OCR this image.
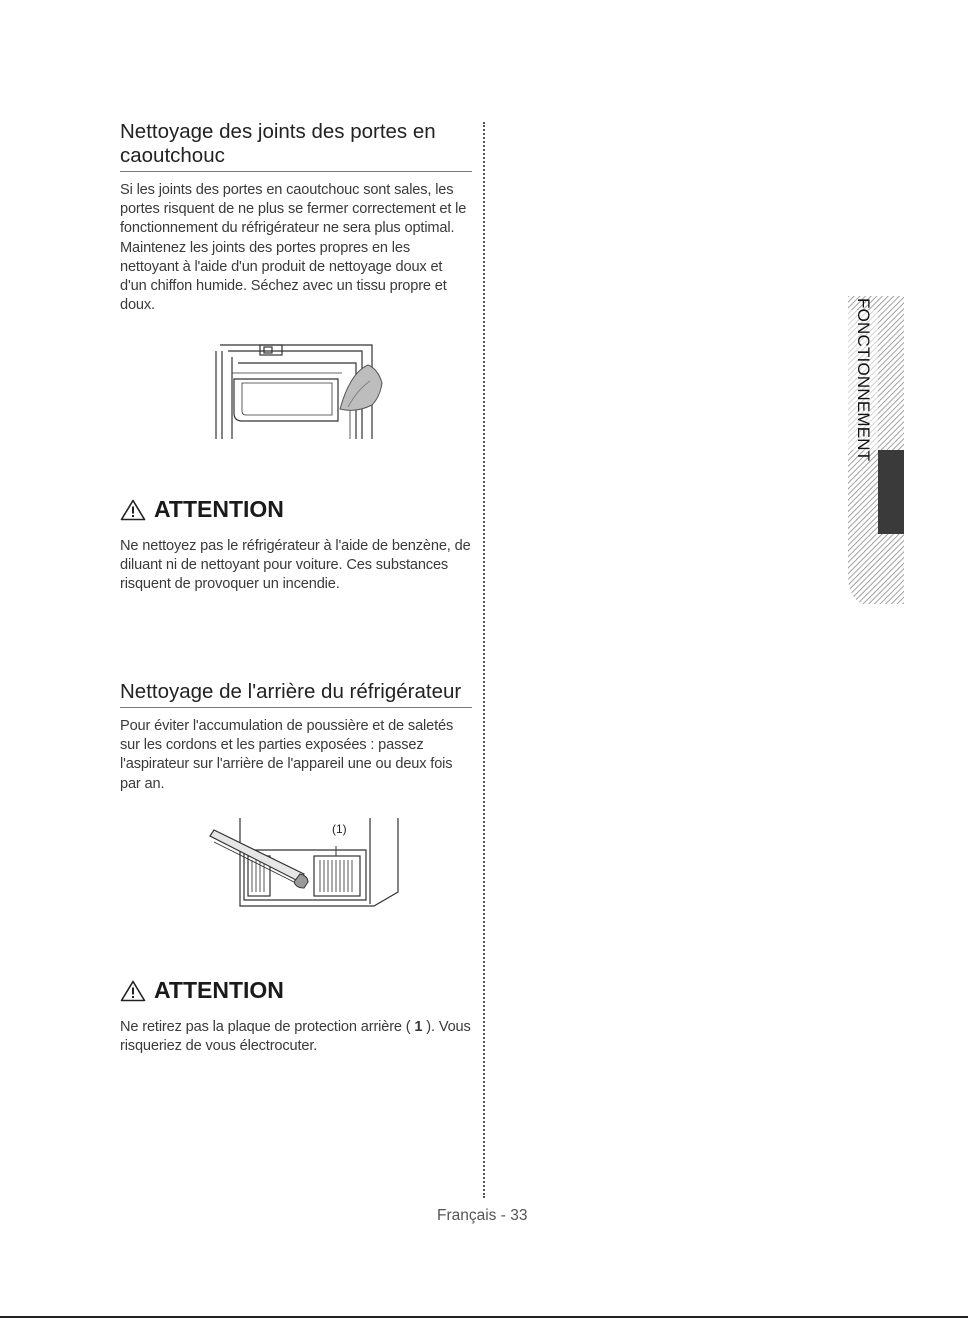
Nettoyage des joints des portes en caoutchouc

Si les joints des portes en caoutchouc sont sales, les portes risquent de ne plus se fermer correctement et le fonctionnement du réfrigérateur ne sera plus optimal. Maintenez les joints des portes propres en les nettoyant à l'aide d'un produit de nettoyage doux et d'un chiffon humide. Séchez avec un tissu propre et doux.

ATTENTION

Ne nettoyez pas le réfrigérateur à l'aide de benzène, de diluant ni de nettoyant pour voiture. Ces substances risquent de provoquer un incendie.

Nettoyage de l'arrière du réfrigérateur

Pour éviter l'accumulation de poussière et de saletés sur les cordons et les parties exposées : passez l'aspirateur sur l'arrière de l'appareil une ou deux fois par an.

(1)
ATTENTION

Ne retirez pas la plaque de protection arrière ( 1 ). Vous risqueriez de vous électrocuter.

FONCTIONNEMENT
Français - 33
